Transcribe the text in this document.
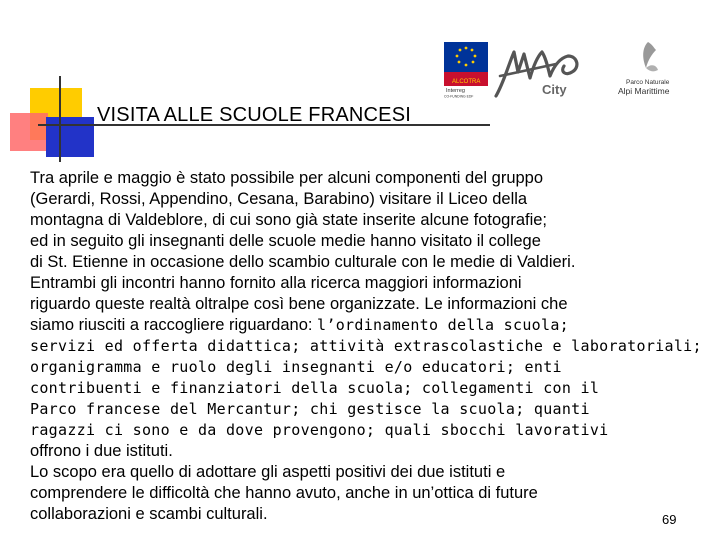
VISITA ALLE SCUOLE FRANCESI
ALCOTRA
Interreg
CO-FUNDING EDF	City	Parco Naturale
Alpi Marittime
Tra aprile e maggio è stato possibile per alcuni componenti del gruppo
(Gerardi, Rossi, Appendino, Cesana, Barabino) visitare il Liceo della
montagna di Valdeblore, di cui sono già state inserite alcune fotografie;
ed in seguito gli insegnanti delle scuole medie hanno visitato il college
di St. Etienne in occasione dello scambio culturale con le medie di Valdieri.
Entrambi gli incontri hanno fornito alla ricerca maggiori informazioni
riguardo queste realtà oltralpe così bene organizzate. Le informazioni che
siamo riusciti a raccogliere riguardano: l’ordinamento della scuola;
servizi ed offerta didattica; attività extrascolastiche e laboratoriali;
organigramma e ruolo degli insegnanti e/o educatori; enti
contribuenti e finanziatori della scuola; collegamenti con il
Parco francese del Mercantur; chi gestisce la scuola; quanti
ragazzi ci sono e da dove provengono; quali sbocchi lavorativi
offrono i due istituti.
Lo scopo era quello di adottare gli aspetti positivi dei due istituti e
comprendere le difficoltà che hanno avuto, anche in un’ottica di future
collaborazioni e scambi culturali.	69
